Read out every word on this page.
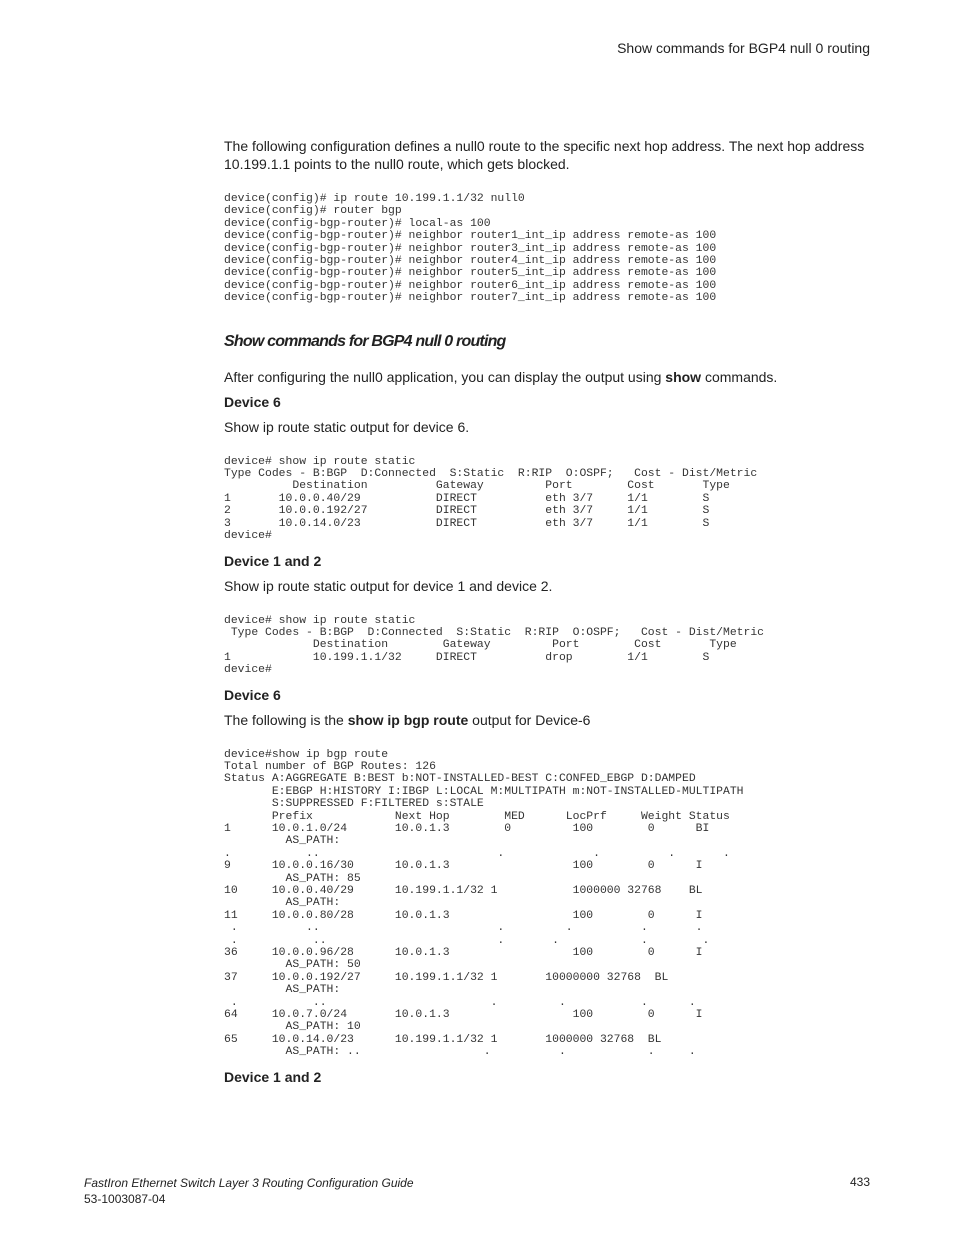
Show commands for BGP4 null 0 routing

The following configuration defines a null0 route to the specific next hop address. The next hop address 10.199.1.1 points to the null0 route, which gets blocked.

device(config)# ip route 10.199.1.1/32 null0
device(config)# router bgp
device(config-bgp-router)# local-as 100
device(config-bgp-router)# neighbor router1_int_ip address remote-as 100
device(config-bgp-router)# neighbor router3_int_ip address remote-as 100
device(config-bgp-router)# neighbor router4_int_ip address remote-as 100
device(config-bgp-router)# neighbor router5_int_ip address remote-as 100
device(config-bgp-router)# neighbor router6_int_ip address remote-as 100
device(config-bgp-router)# neighbor router7_int_ip address remote-as 100
Show commands for BGP4 null 0 routing

After configuring the null0 application, you can display the output using show commands.

Device 6

Show ip route static output for device 6.

device# show ip route static
Type Codes - B:BGP  D:Connected  S:Static  R:RIP  O:OSPF;   Cost - Dist/Metric
Destination          Gateway         Port        Cost       Type
1       10.0.0.40/29           DIRECT          eth 3/7     1/1        S
2       10.0.0.192/27          DIRECT          eth 3/7     1/1        S
3       10.0.14.0/23           DIRECT          eth 3/7     1/1        S
device#

Device 1 and 2

Show ip route static output for device 1 and device 2.

device# show ip route static
Type Codes - B:BGP  D:Connected  S:Static  R:RIP  O:OSPF;   Cost - Dist/Metric
Destination        Gateway         Port        Cost       Type
1            10.199.1.1/32     DIRECT          drop        1/1        S
device#

Device 6

The following is the show ip bgp route output for Device-6

device#show ip bgp route
Total number of BGP Routes: 126
Status A:AGGREGATE B:BEST b:NOT-INSTALLED-BEST C:CONFED_EBGP D:DAMPED
E:EBGP H:HISTORY I:IBGP L:LOCAL M:MULTIPATH m:NOT-INSTALLED-MULTIPATH
S:SUPPRESSED F:FILTERED s:STALE
Prefix            Next Hop        MED      LocPrf     Weight Status
1      10.0.1.0/24       10.0.1.3        0         100        0      BI
AS_PATH:
.           ..                          .             .          .       .
9      10.0.0.16/30      10.0.1.3                  100        0      I
AS_PATH: 85
10     10.0.0.40/29      10.199.1.1/32 1           1000000 32768    BL
AS_PATH:
11     10.0.0.80/28      10.0.1.3                  100        0      I
.          ..                          .         .          .       .
.           ..                         .       .            .        .
36     10.0.0.96/28      10.0.1.3                  100        0      I
AS_PATH: 50
37     10.0.0.192/27     10.199.1.1/32 1       10000000 32768  BL
AS_PATH:
.           ..                        .         .           .      .
64     10.0.7.0/24       10.0.1.3                  100        0      I
AS_PATH: 10
65     10.0.14.0/23      10.199.1.1/32 1       1000000 32768  BL
AS_PATH: ..                  .          .            .     .

Device 1 and 2

FastIron Ethernet Switch Layer 3 Routing Configuration Guide
53-1003087-04
433
